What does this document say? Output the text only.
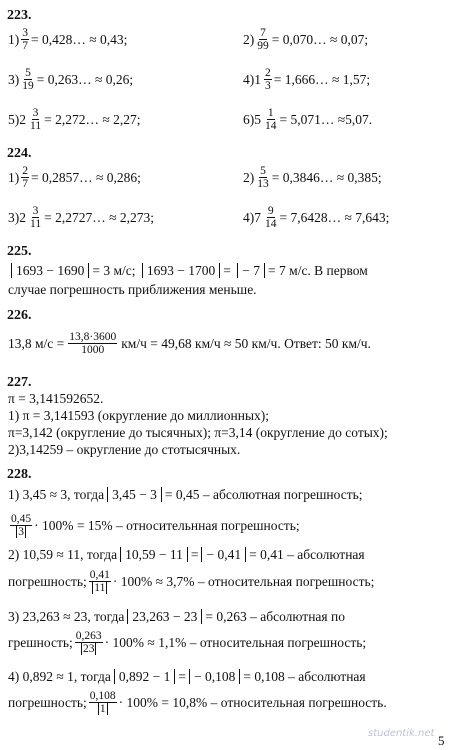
223.
$1) \frac{3}{7}$ = 0,428… ≈ 0,43;	$2) \frac{7}{99}$ = 0,070… ≈ 0,07;
$3) \frac{5}{19}$ = 0,263… ≈ 0,26;	4) $1 \frac{2}{3}$ = 1,666… ≈ 1,57;
5) $2 \frac{3}{11}$ = 2,272… ≈ 2,27;	6) $5 \frac{1}{14}$ = 5,071… ≈5,07.
224.
$1) \frac{2}{7}$ = 0,2857… ≈ 0,286;	$2) \frac{5}{13}$ = 0,3846… ≈ 0,385;
3) $2 \frac{3}{11}$ = 2,2727… ≈ 2,273;	4) $7 \frac{9}{14}$ = 7,6428… ≈ 7,643;
225.
1693 − 1690 = 3 м/с; 1693 − 1700 = − 7 = 7 м/с. В первом
случае погрешность приближения меньше.
226.
13,8 $м/с = \frac{13,8\cdot 3600}{1000} км/ч = 49,68$ км/ч ≈ 50 км/ч. Ответ: 50 км/ч.
227.
π = 3,141592652.
1) π = 3,141593 (округление до миллионных);
π=3,142 (округление до тысячных); π=3,14 (округление до сотых);
2)3,14259 – округление до стотысячных.
228.
1) 3,45 ≈ 3, тогда 3,45 − 3 = 0,45 – абсолютная погрешность;
$\frac{0,45}{3} \cdot 100\% = 15\%$ – относительнная погрешность;
2) 10,59 ≈ 11, тогда 10,59 − 11 = − 0,41 = 0,41 – абсолютная
погрешность; $\frac{0,41}{11} \cdot 100\% \approx 3,7\%$ – относительная погрешность;
3) 23,263 ≈ 23, тогда 23,263 − 23 = 0,263 – абсолютная по
грешность; $\frac{0,263}{23} \cdot 100\% \approx 1,1\%$ – относительная погрешность;
4) 0,892 ≈ 1, тогда 0,892 − 1 = − 0,108 = 0,108 – абсолютная
погрешность; $\frac{0,108}{1} \cdot 100\% = 10,8\%$ – относительная погрешность.
studentik.net 5
